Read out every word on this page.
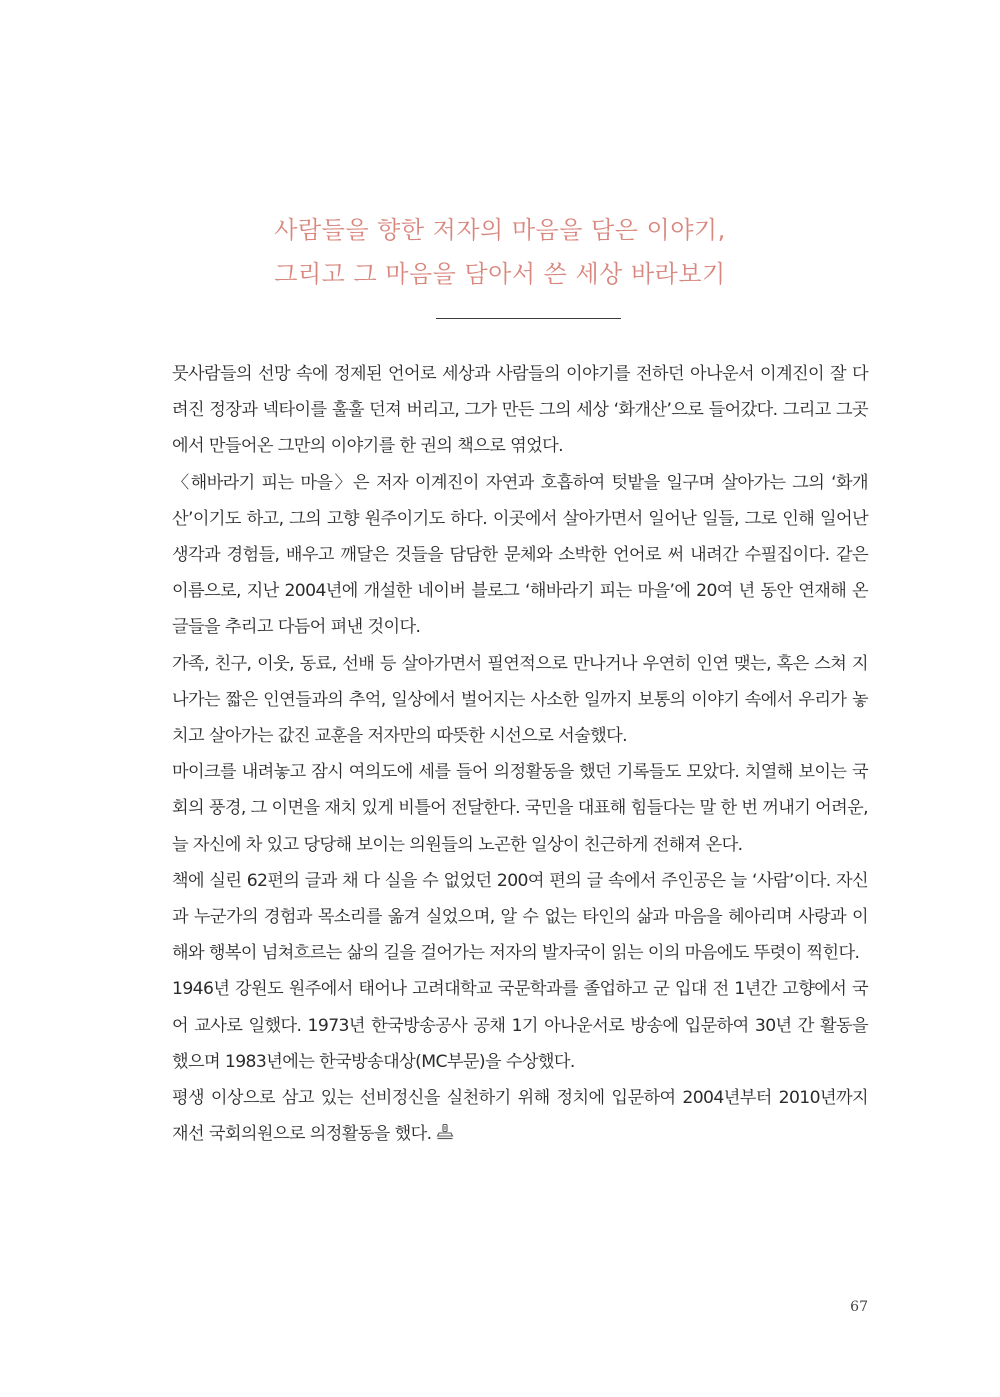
사람들을 향한 저자의 마음을 담은 이야기,
그리고 그 마음을 담아서 쓴 세상 바라보기

뭇사람들의 선망 속에 정제된 언어로 세상과 사람들의 이야기를 전하던 아나운서 이계진이 잘 다려진 정장과 넥타이를 훌훌 던져 버리고, 그가 만든 그의 세상 ‘화개산’으로 들어갔다. 그리고 그곳에서 만들어온 그만의 이야기를 한 권의 책으로 엮었다.

〈해바라기 피는 마을〉은 저자 이계진이 자연과 호흡하여 텃밭을 일구며 살아가는 그의 ‘화개산’이기도 하고, 그의 고향 원주이기도 하다. 이곳에서 살아가면서 일어난 일들, 그로 인해 일어난 생각과 경험들, 배우고 깨달은 것들을 담담한 문체와 소박한 언어로 써 내려간 수필집이다. 같은 이름으로, 지난 2004년에 개설한 네이버 블로그 ‘해바라기 피는 마을’에 20여 년 동안 연재해 온 글들을 추리고 다듬어 펴낸 것이다.

가족, 친구, 이웃, 동료, 선배 등 살아가면서 필연적으로 만나거나 우연히 인연 맺는, 혹은 스쳐 지나가는 짧은 인연들과의 추억, 일상에서 벌어지는 사소한 일까지 보통의 이야기 속에서 우리가 놓치고 살아가는 값진 교훈을 저자만의 따뜻한 시선으로 서술했다.

마이크를 내려놓고 잠시 여의도에 세를 들어 의정활동을 했던 기록들도 모았다. 치열해 보이는 국회의 풍경, 그 이면을 재치 있게 비틀어 전달한다. 국민을 대표해 힘들다는 말 한 번 꺼내기 어려운, 늘 자신에 차 있고 당당해 보이는 의원들의 노곤한 일상이 친근하게 전해져 온다.

책에 실린 62편의 글과 채 다 실을 수 없었던 200여 편의 글 속에서 주인공은 늘 ‘사람’이다. 자신과 누군가의 경험과 목소리를 옮겨 실었으며, 알 수 없는 타인의 삶과 마음을 헤아리며 사랑과 이해와 행복이 넘쳐흐르는 삶의 길을 걸어가는 저자의 발자국이 읽는 이의 마음에도 뚜렷이 찍힌다.

1946년 강원도 원주에서 태어나 고려대학교 국문학과를 졸업하고 군 입대 전 1년간 고향에서 국어 교사로 일했다. 1973년 한국방송공사 공채 1기 아나운서로 방송에 입문하여 30년 간 활동을 했으며 1983년에는 한국방송대상(MC부문)을 수상했다.

평생 이상으로 삼고 있는 선비정신을 실천하기 위해 정치에 입문하여 2004년부터 2010년까지 재선 국회의원으로 의정활동을 했다.

67
